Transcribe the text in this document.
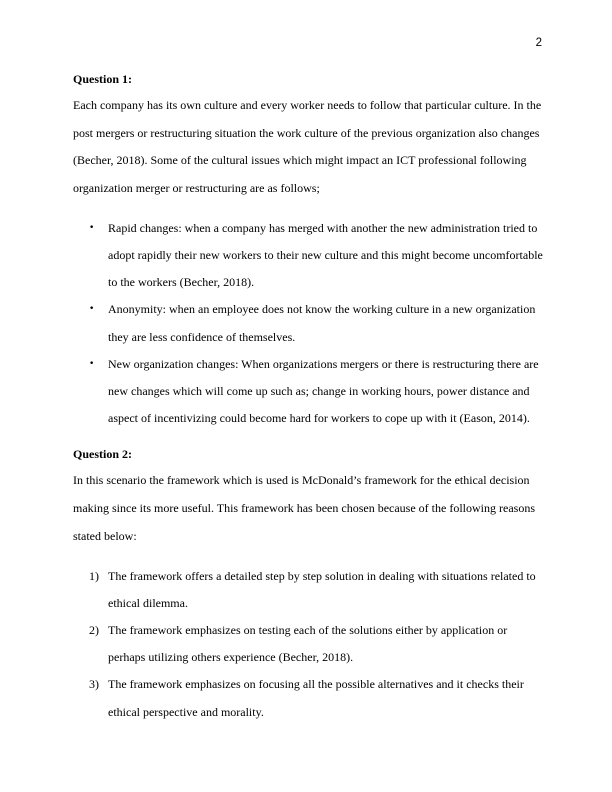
2

Question 1:

Each company has its own culture and every worker needs to follow that particular culture. In the post mergers or restructuring situation the work culture of the previous organization also changes (Becher, 2018). Some of the cultural issues which might impact an ICT professional following organization merger or restructuring are as follows;

•	Rapid changes: when a company has merged with another the new administration tried to adopt rapidly their new workers to their new culture and this might become uncomfortable to the workers (Becher, 2018).
•	Anonymity: when an employee does not know the working culture in a new organization they are less confidence of themselves.
•	New organization changes: When organizations mergers or there is restructuring there are new changes which will come up such as; change in working hours, power distance and aspect of incentivizing could become hard for workers to cope up with it (Eason, 2014).

Question 2:

In this scenario the framework which is used is McDonald’s framework for the ethical decision making since its more useful. This framework has been chosen because of the following reasons stated below:

1) The framework offers a detailed step by step solution in dealing with situations related to ethical dilemma.
2) The framework emphasizes on testing each of the solutions either by application or perhaps utilizing others experience (Becher, 2018).
3) The framework emphasizes on focusing all the possible alternatives and it checks their ethical perspective and morality.
